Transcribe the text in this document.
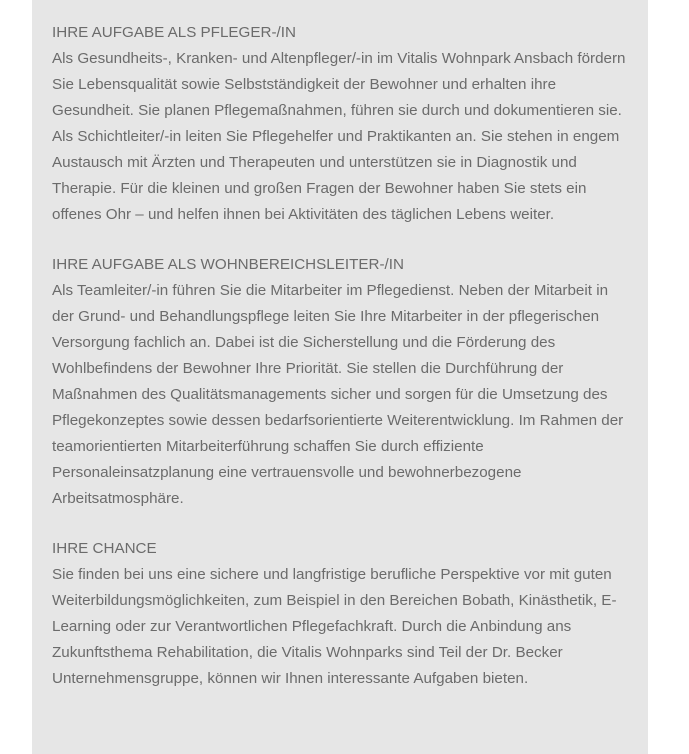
IHRE AUFGABE ALS PFLEGER-/IN

Als Gesundheits-, Kranken- und Altenpfleger/-in im Vitalis Wohnpark Ansbach fördern Sie Lebensqualität sowie Selbstständigkeit der Bewohner und erhalten ihre Gesundheit. Sie planen Pflegemaßnahmen, führen sie durch und dokumentieren sie. Als Schichtleiter/-in leiten Sie Pflegehelfer und Praktikanten an. Sie stehen in engem Austausch mit Ärzten und Therapeuten und unterstützen sie in Diagnostik und Therapie. Für die kleinen und großen Fragen der Bewohner haben Sie stets ein offenes Ohr – und helfen ihnen bei Aktivitäten des täglichen Lebens weiter.

IHRE AUFGABE ALS WOHNBEREICHSLEITER-/IN

Als Teamleiter/-in führen Sie die Mitarbeiter im Pflegedienst. Neben der Mitarbeit in der Grund- und Behandlungspflege leiten Sie Ihre Mitarbeiter in der pflegerischen Versorgung fachlich an. Dabei ist die Sicherstellung und die Förderung des Wohlbefindens der Bewohner Ihre Priorität. Sie stellen die Durchführung der Maßnahmen des Qualitätsmanagements sicher und sorgen für die Umsetzung des Pflegekonzeptes sowie dessen bedarfsorientierte Weiterentwicklung. Im Rahmen der teamorientierten Mitarbeiterführung schaffen Sie durch effiziente Personaleinsatzplanung eine vertrauensvolle und bewohnerbezogene Arbeitsatmosphäre.

IHRE CHANCE

Sie finden bei uns eine sichere und langfristige berufliche Perspektive vor mit guten Weiterbildungsmöglichkeiten, zum Beispiel in den Bereichen Bobath, Kinästhetik, E-Learning oder zur Verantwortlichen Pflegefachkraft. Durch die Anbindung ans Zukunftsthema Rehabilitation, die Vitalis Wohnparks sind Teil der Dr. Becker Unternehmensgruppe, können wir Ihnen interessante Aufgaben bieten.
